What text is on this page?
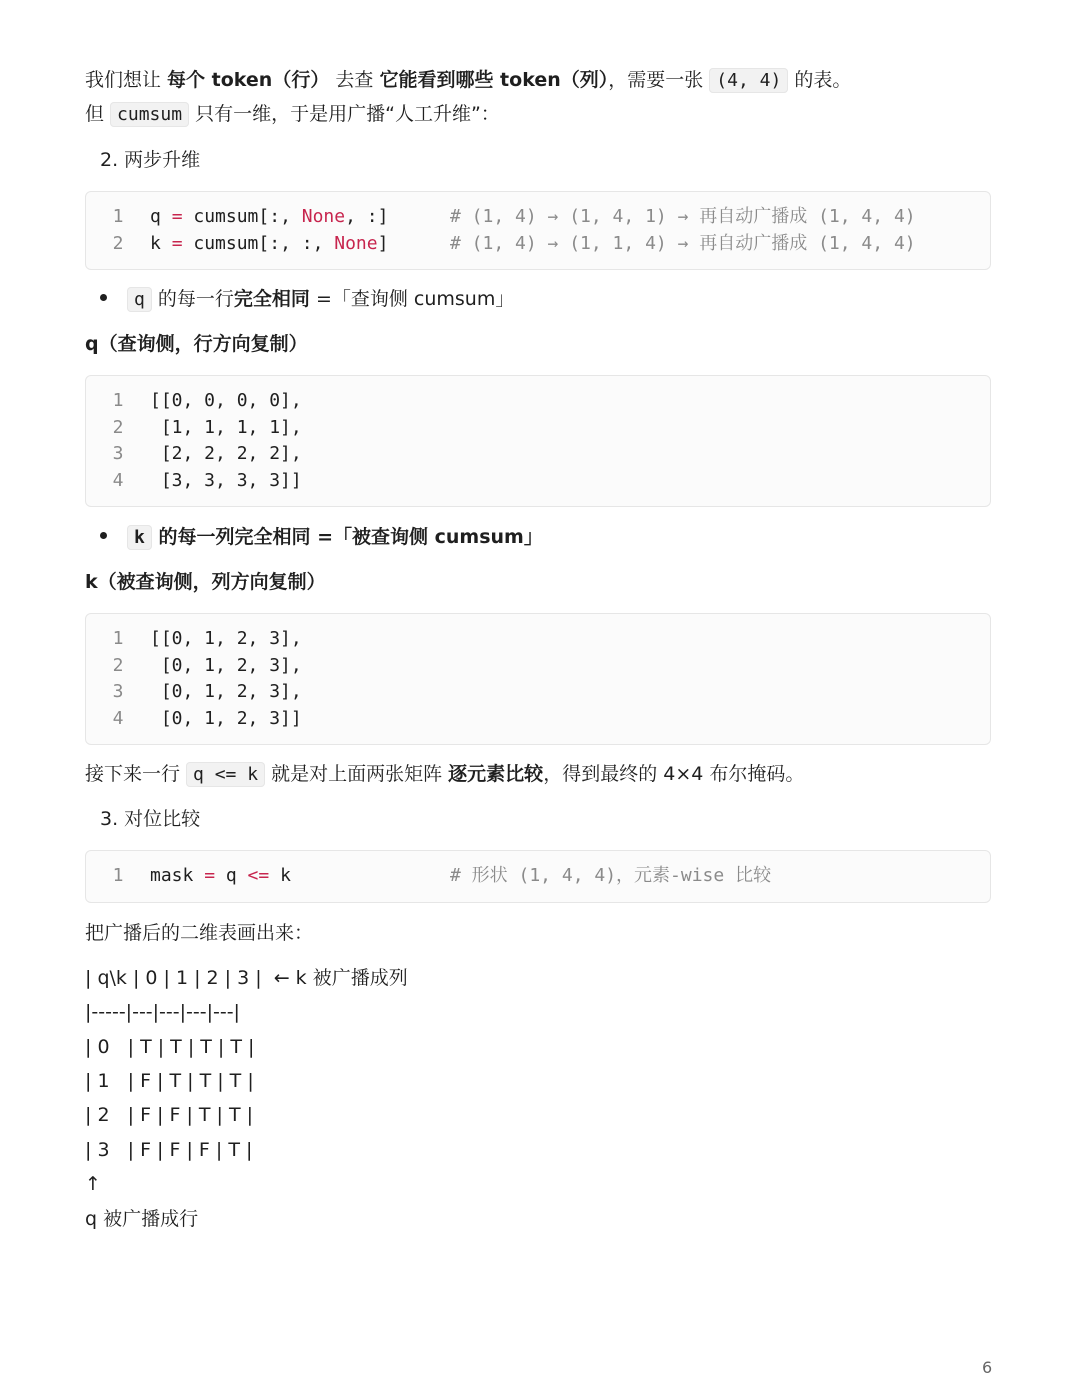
我们想让 每个 token（行） 去查 它能看到哪些 token（列），需要一张 (4, 4) 的表。
但 cumsum 只有一维，于是用广播“人工升维”：
2. 两步升维
1 q = cumsum[:, None, :]	# (1, 4) → (1, 4, 1) → 再自动广播成 (1, 4, 4)
2 k = cumsum[:, :, None]	# (1, 4) → (1, 1, 4) → 再自动广播成 (1, 4, 4)
q 的每一行完全相同 =「查询侧 cumsum」
q（查询侧，行方向复制）
1 [[0, 0, 0, 0],
2 [1, 1, 1, 1],
3 [2, 2, 2, 2],
4 [3, 3, 3, 3]]
k 的每一列完全相同 =「被查询侧 cumsum」
k（被查询侧，列方向复制）
1 [[0, 1, 2, 3],
2 [0, 1, 2, 3],
3 [0, 1, 2, 3],
4 [0, 1, 2, 3]]
接下来一行 q <= k 就是对上面两张矩阵 逐元素比较，得到最终的 4×4 布尔掩码。
3. 对位比较
1 mask = q <= k	# 形状 (1, 4, 4)，元素-wise 比较
把广播后的二维表画出来：
| q\k | 0 | 1 | 2 | 3 |  ← k 被广播成列
|-----|---|---|---|---|
| 0   | T | T | T | T |
| 1   | F | T | T | T |
| 2   | F | F | T | T |
| 3   | F | F | F | T |
↑
q 被广播成行
6
